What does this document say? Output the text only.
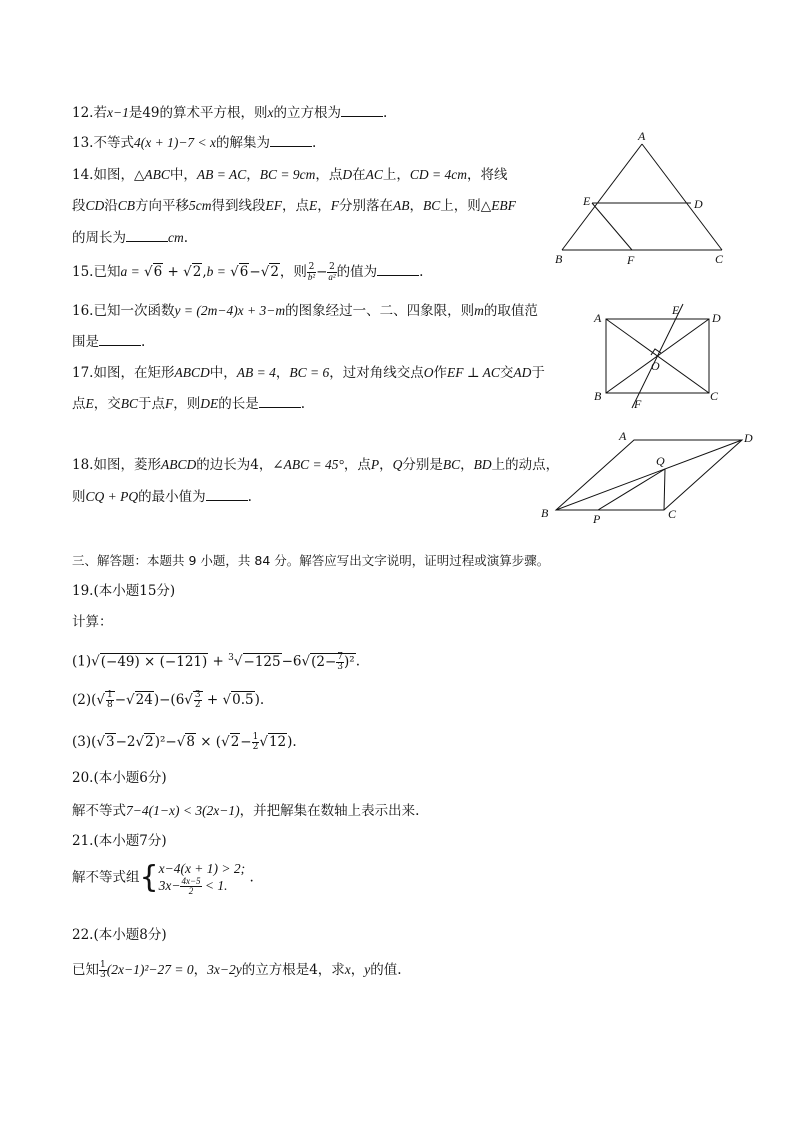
12.若x−1是49的算术平方根，则x的立方根为	.
13.不等式4(x + 1)−7 < x的解集为	.
14.如图，△ABC中，AB = AC，BC = 9cm，点D在AC上，CD = 4cm，将线
段CD沿CB方向平移5cm得到线段EF，点E，F分别落在AB，BC上，则△EBF
的周长为	cm.
15.已知a = √6 + √2,b = √6−√2，则 $\frac{2}{\text{b²}} - \frac{2}{\text{a²}}$ 的值为	.
16.已知一次函数y = (2m−4)x + 3−m的图象经过一、二、四象限，则m的取值范
围是	.
17.如图，在矩形ABCD中，AB = 4，BC = 6，过对角线交点O作EF ⊥ AC交AD于
点E，交BC于点F，则DE的长是	.
18.如图，菱形ABCD的边长为4，∠ABC = 45°，点P，Q分别是BC，BD上的动点，
则CQ + PQ的最小值为	.
三、解答题：本题共 9 小题，共 84 分。解答应写出文字说明，证明过程或演算步骤。
19.(本小题15分)
计算：
$(1)√(-49) \times (-121) + ^3√-125-6√(2- \frac{7}{3} )^2$.
$(2)(√ \frac{1}{8} -√24)-(6√ \frac{3}{2} + √0.5)$.
$(3)(√3-2√2)^2-√8 \times (√2- \frac{1}{2} √12)$.
20.(本小题6分)
解不等式7−4(1−x) < 3(2x−1)，并把解集在数轴上表示出来.
21.(本小题7分)
解不等式组{ x−4(x + 1) > 2;
$3x- \frac{4x-5}{2} < 1$.	.
22.(本小题8分)
已知 $\frac{1}{3} (2x-1)^2-27 = 0$，3x−2y的立方根是4，求x，y的值.
A
E	D
B	F	C
A
E
D
O
B
F
C
A	D
Q
B	P	C
